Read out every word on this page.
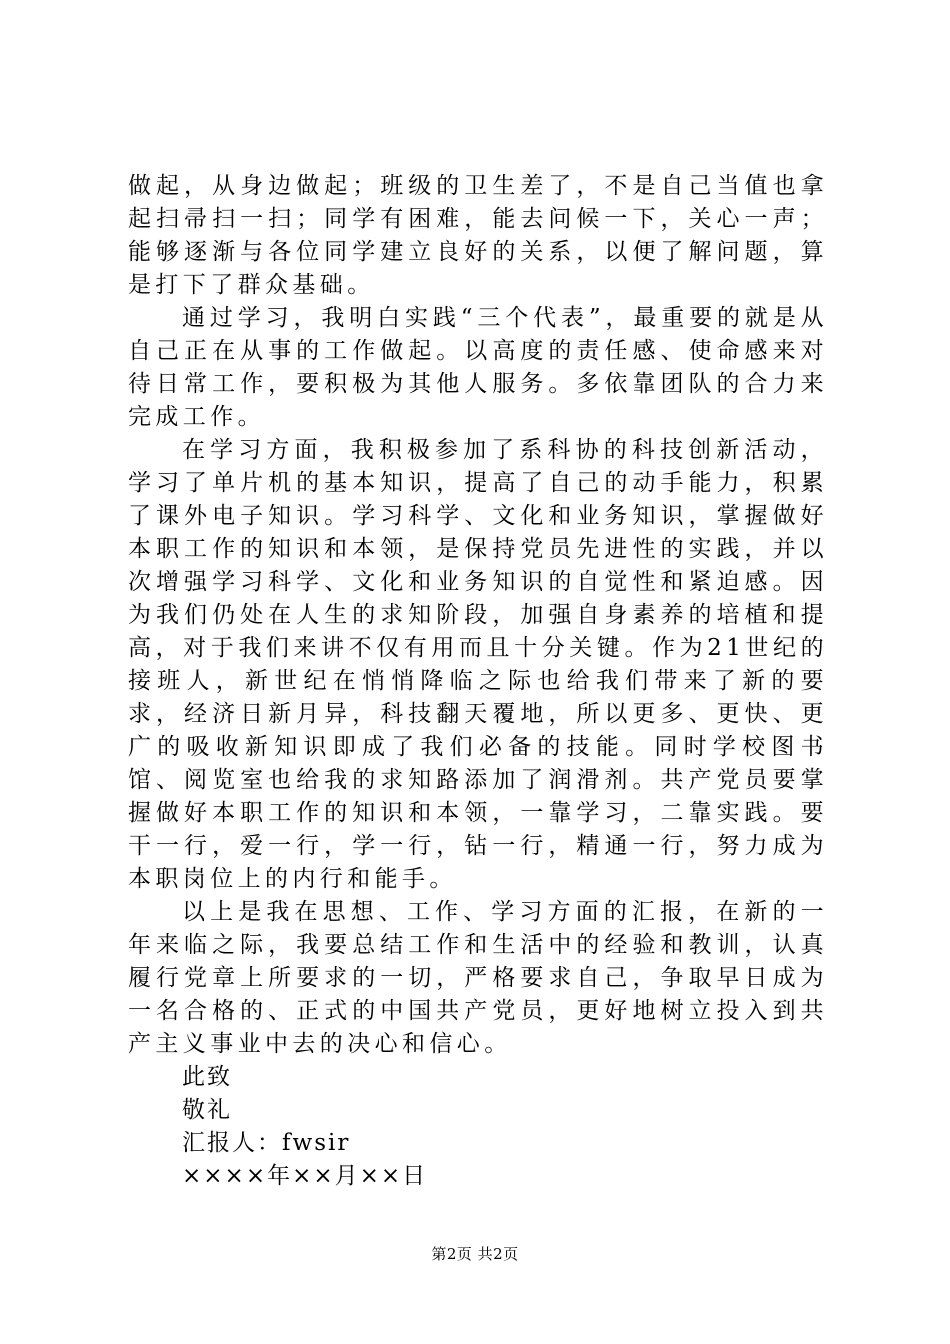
做起，从身边做起；班级的卫生差了，不是自己当值也拿起扫帚扫一扫；同学有困难，能去问候一下，关心一声；能够逐渐与各位同学建立良好的关系，以便了解问题，算是打下了群众基础。

通过学习，我明白实践“三个代表”，最重要的就是从自己正在从事的工作做起。以高度的责任感、使命感来对待日常工作，要积极为其他人服务。多依靠团队的合力来完成工作。

在学习方面，我积极参加了系科协的科技创新活动，学习了单片机的基本知识，提高了自己的动手能力，积累了课外电子知识。学习科学、文化和业务知识，掌握做好本职工作的知识和本领，是保持党员先进性的实践，并以次增强学习科学、文化和业务知识的自觉性和紧迫感。因为我们仍处在人生的求知阶段，加强自身素养的培植和提高，对于我们来讲不仅有用而且十分关键。作为21世纪的接班人，新世纪在悄悄降临之际也给我们带来了新的要求，经济日新月异，科技翻天覆地，所以更多、更快、更广的吸收新知识即成了我们必备的技能。同时学校图书馆、阅览室也给我的求知路添加了润滑剂。共产党员要掌握做好本职工作的知识和本领，一靠学习，二靠实践。要干一行，爱一行，学一行，钻一行，精通一行，努力成为本职岗位上的内行和能手。

以上是我在思想、工作、学习方面的汇报，在新的一年来临之际，我要总结工作和生活中的经验和教训，认真履行党章上所要求的一切，严格要求自己，争取早日成为一名合格的、正式的中国共产党员，更好地树立投入到共产主义事业中去的决心和信心。

此致

敬礼

汇报人：fwsir

××××年××月××日

第2页 共2页
